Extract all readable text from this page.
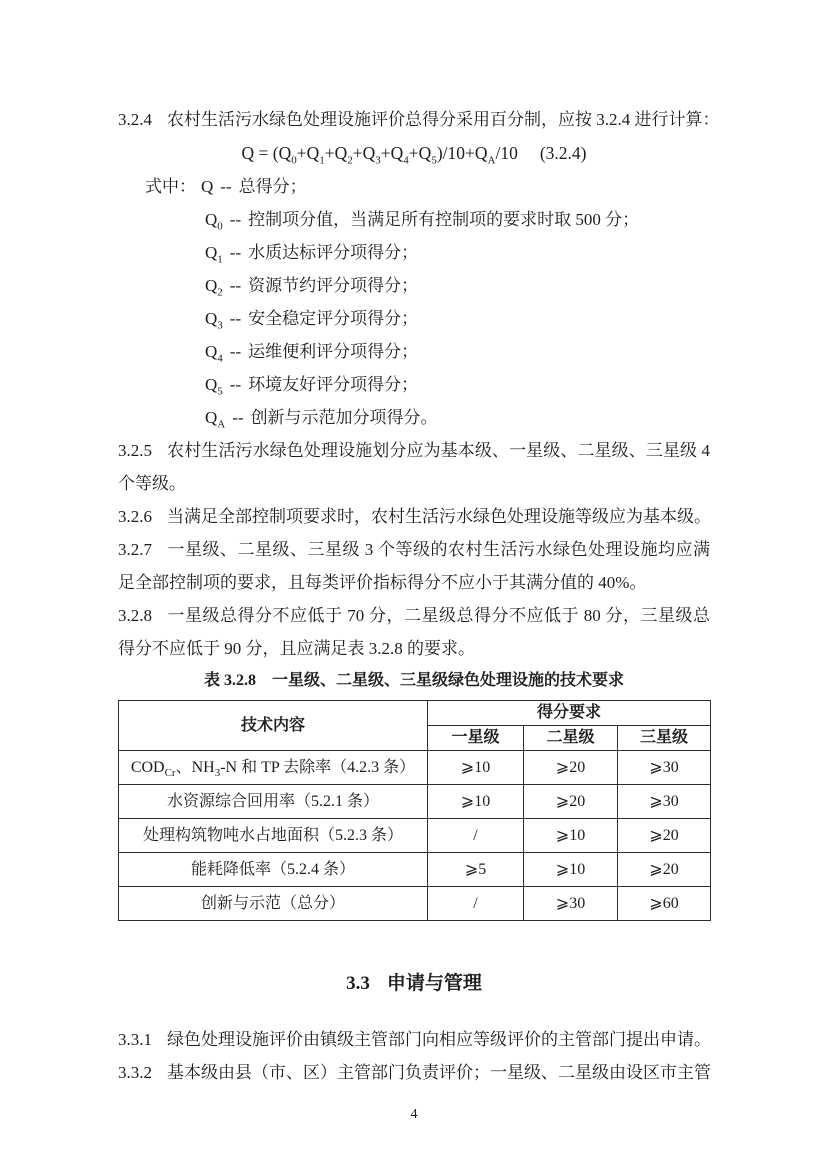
3.2.4 农村生活污水绿色处理设施评价总得分采用百分制，应按 3.2.4 进行计算：

$Q = (Q_0+Q_1+Q_2+Q_3+Q_4+Q_5)/10+Q_A/10$ (3.2.4)

式中： Q -- 总得分；

$Q_0$ -- 控制项分值，当满足所有控制项的要求时取 500 分；

$Q_1$ -- 水质达标评分项得分；

$Q_2$ -- 资源节约评分项得分；

$Q_3$ -- 安全稳定评分项得分；

$Q_4$ -- 运维便利评分项得分；

$Q_5$ -- 环境友好评分项得分；

$Q_A$ -- 创新与示范加分项得分。

3.2.5 农村生活污水绿色处理设施划分应为基本级、一星级、二星级、三星级 4 个等级。

3.2.6 当满足全部控制项要求时，农村生活污水绿色处理设施等级应为基本级。

3.2.7 一星级、二星级、三星级 3 个等级的农村生活污水绿色处理设施均应满足全部控制项的要求，且每类评价指标得分不应小于其满分值的 40%。

3.2.8 一星级总得分不应低于 70 分，二星级总得分不应低于 80 分，三星级总得分不应低于 90 分，且应满足表 3.2.8 的要求。

表 3.2.8　一星级、二星级、三星级绿色处理设施的技术要求
技术内容	得分要求		
	一星级	二星级	三星级
$COD_{Cr}$、$NH_3-N$ 和 TP 去除率（4.2.3 条）	⩾10	⩾20	⩾30
水资源综合回用率（5.2.1 条）	⩾10	⩾20	⩾30
处理构筑物吨水占地面积（5.2.3 条）	/	⩾10	⩾20
能耗降低率（5.2.4 条）	⩾5	⩾10	⩾20
创新与示范（总分）	/	⩾30	⩾60
3.3 申请与管理

3.3.1 绿色处理设施评价由镇级主管部门向相应等级评价的主管部门提出申请。

3.3.2 基本级由县（市、区）主管部门负责评价；一星级、二星级由设区市主管

4
